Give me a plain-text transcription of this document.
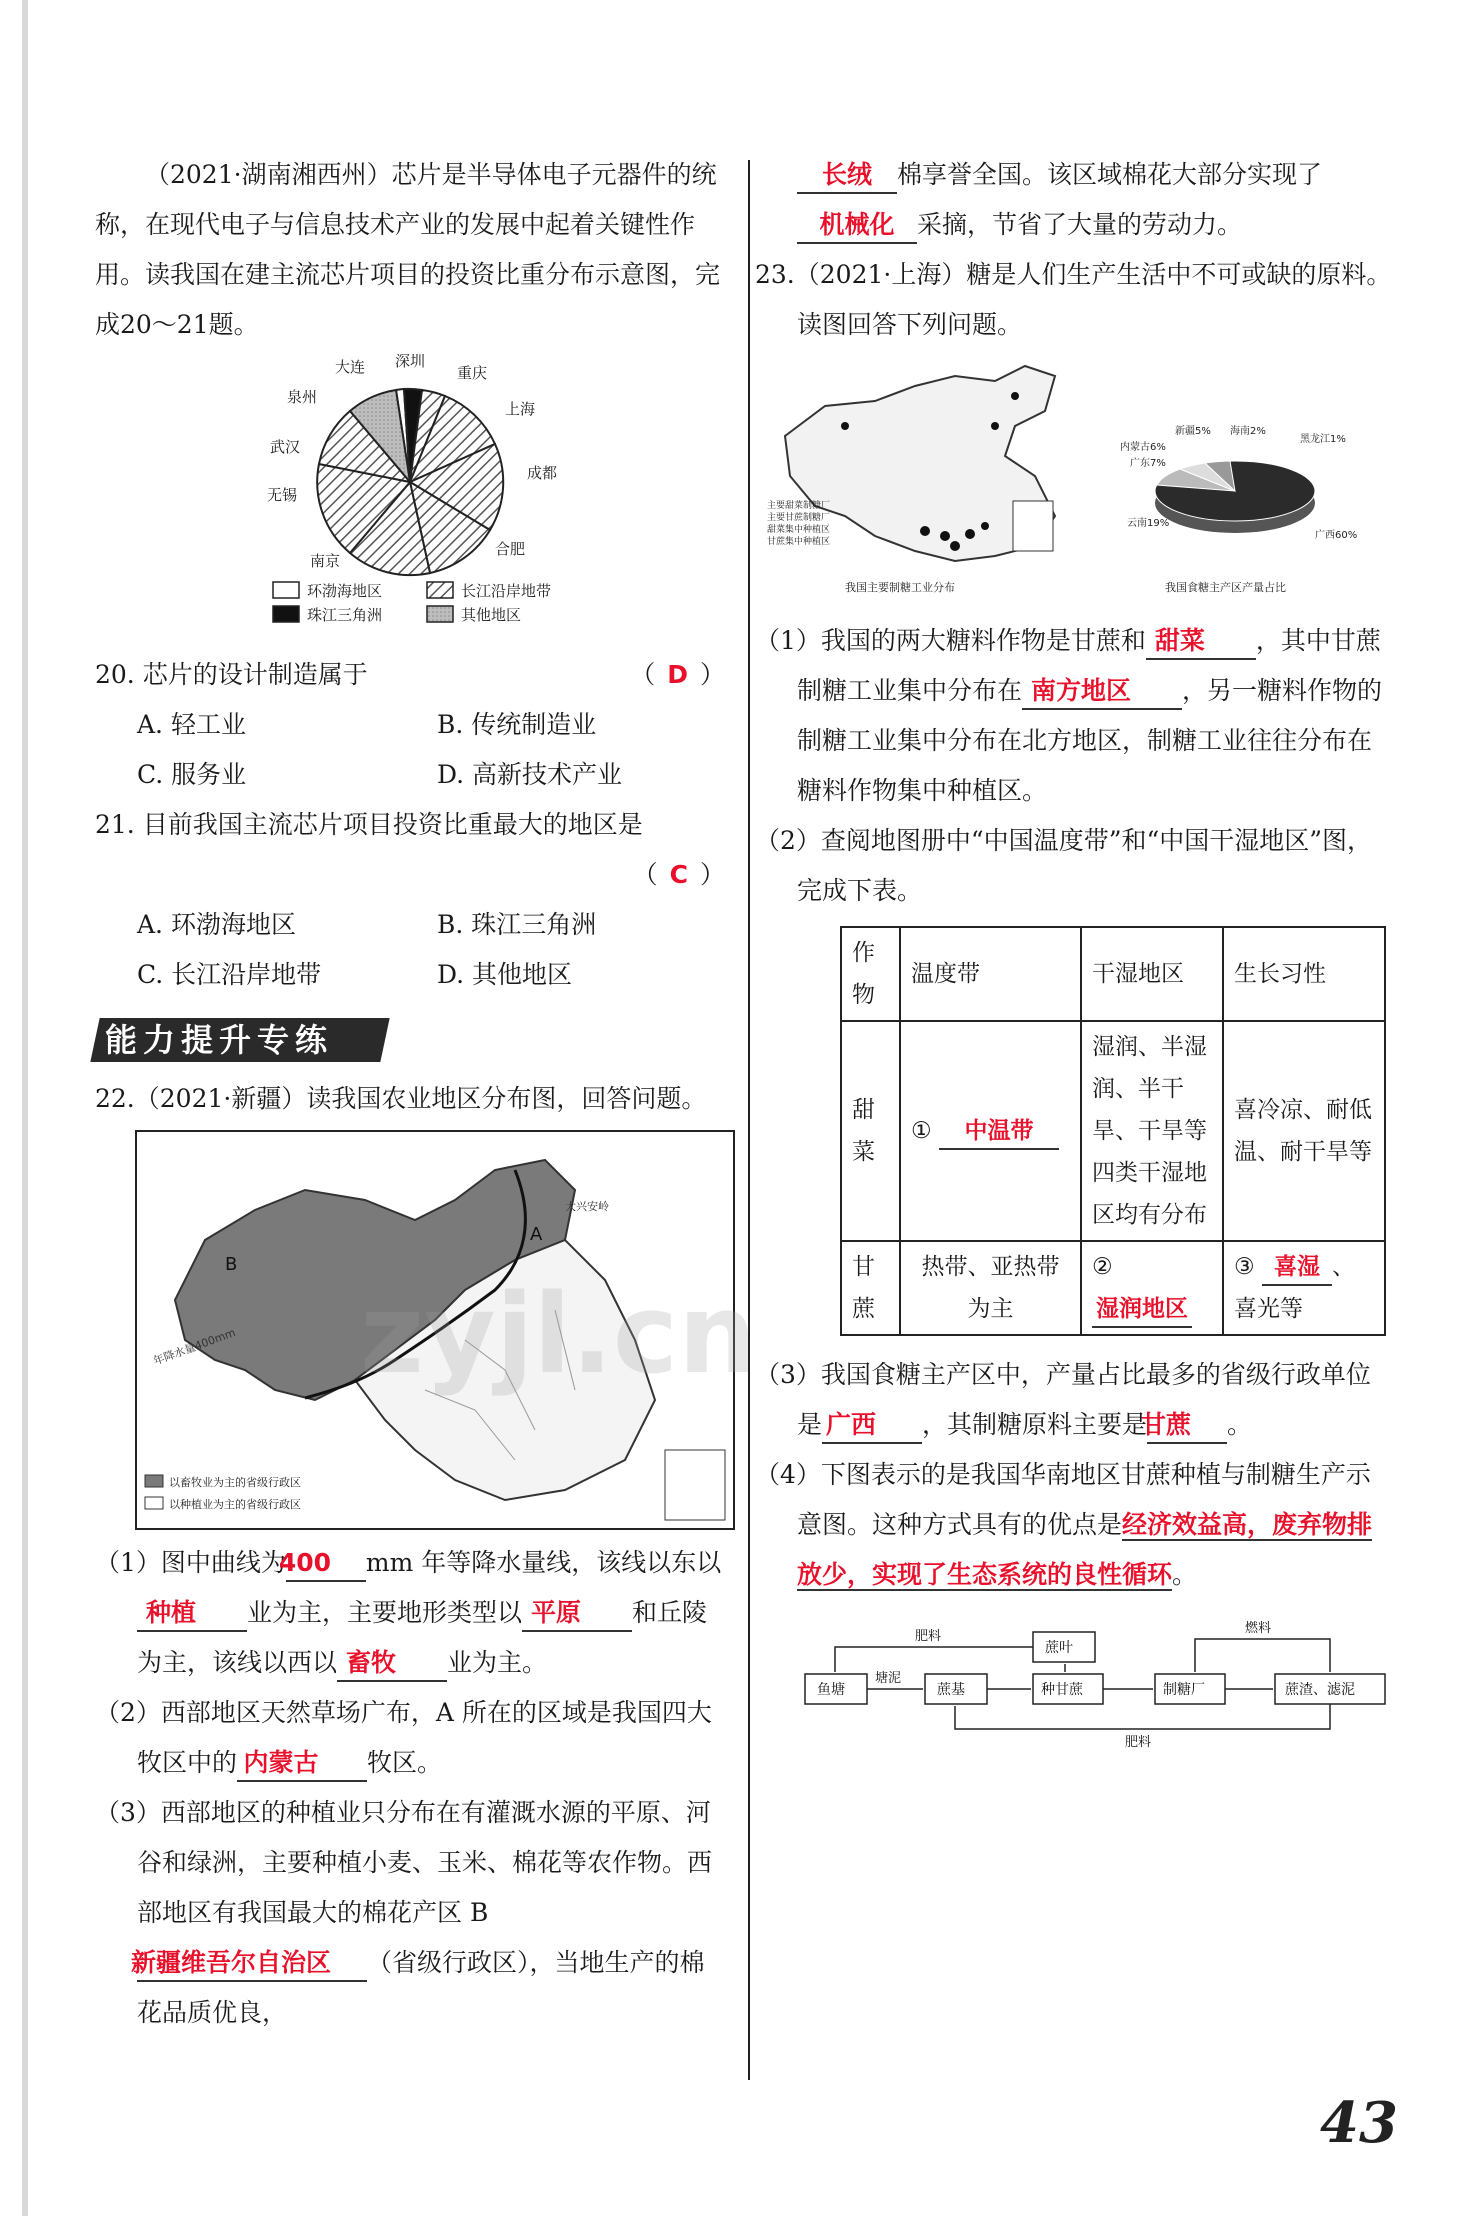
（2021·湖南湘西州）芯片是半导体电子元器件的统称，在现代电子与信息技术产业的发展中起着关键性作用。读我国在建主流芯片项目的投资比重分布示意图，完成20～21题。

大连 深圳
重庆
泉州
上海
武汉
成都
无锡
南京
合肥
环渤海地区	长江沿岸地带
珠江三角洲	其他地区

20. 芯片的设计制造属于	（ D ）

A. 轻工业	B. 传统制造业
C. 服务业	D. 高新技术产业

21. 目前我国主流芯片项目投资比重最大的地区是

（ C ）

A. 环渤海地区	B. 珠江三角洲
C. 长江沿岸地带	D. 其他地区
能力提升专练

22.（2021·新疆）读我国农业地区分布图，回答问题。

A
B
大兴安岭
年降水量400mm
以畜牧业为主的省级行政区
以种植业为主的省级行政区

（1）图中曲线为400 mm 年等降水量线，该线以东以种植 业为主，主要地形类型以 平原 和丘陵为主，该线以西以 畜牧 业为主。

（2）西部地区天然草场广布，A 所在的区域是我国四大牧区中的 内蒙古 牧区。

（3）西部地区的种植业只分布在有灌溉水源的平原、河谷和绿洲，主要种植小麦、玉米、棉花等农作物。西部地区有我国最大的棉花产区 B 新疆维吾尔自治区 （省级行政区），当地生产的棉花品质优良，

长绒 棉享誉全国。该区域棉花大部分实现了机械化 采摘，节省了大量的劳动力。

23.（2021·上海）糖是人们生产生活中不可或缺的原料。读图回答下列问题。

主要甜菜制糖厂
主要甘蔗制糖厂
甜菜集中种植区
甘蔗集中种植区
我国主要制糖工业分布
新疆5% 海南2%
黑龙江1%
内蒙古6%
广东7%
云南19%
广西60%
我国食糖主产区产量占比

（1）我国的两大糖料作物是甘蔗和 甜菜 ，其中甘蔗制糖工业集中分布在 南方地区 ，另一糖料作物的制糖工业集中分布在北方地区，制糖工业往往分布在糖料作物集中种植区。

（2）查阅地图册中“中国温度带”和“中国干湿地区”图，完成下表。

作物	温度带	干湿地区	生长习性
甜菜	① 中温带	湿润、半湿润、半干旱、干旱等四类干湿地区均有分布	喜冷凉、耐低温、耐干旱等
甘蔗	热带、亚热带为主	② 湿润地区	③ 喜湿 、喜光等

（3）我国食糖主产区中，产量占比最多的省级行政单位是 广西 ，其制糖原料主要是甘蔗 。

（4）下图表示的是我国华南地区甘蔗种植与制糖生产示意图。这种方式具有的优点是经济效益高，废弃物排放少，实现了生态系统的良性循环。

鱼塘	蔗基
蔗叶
种甘蔗	制糖厂	蔗渣、滤泥
肥料
塘泥
燃料
肥料
zyjl.cn
43
